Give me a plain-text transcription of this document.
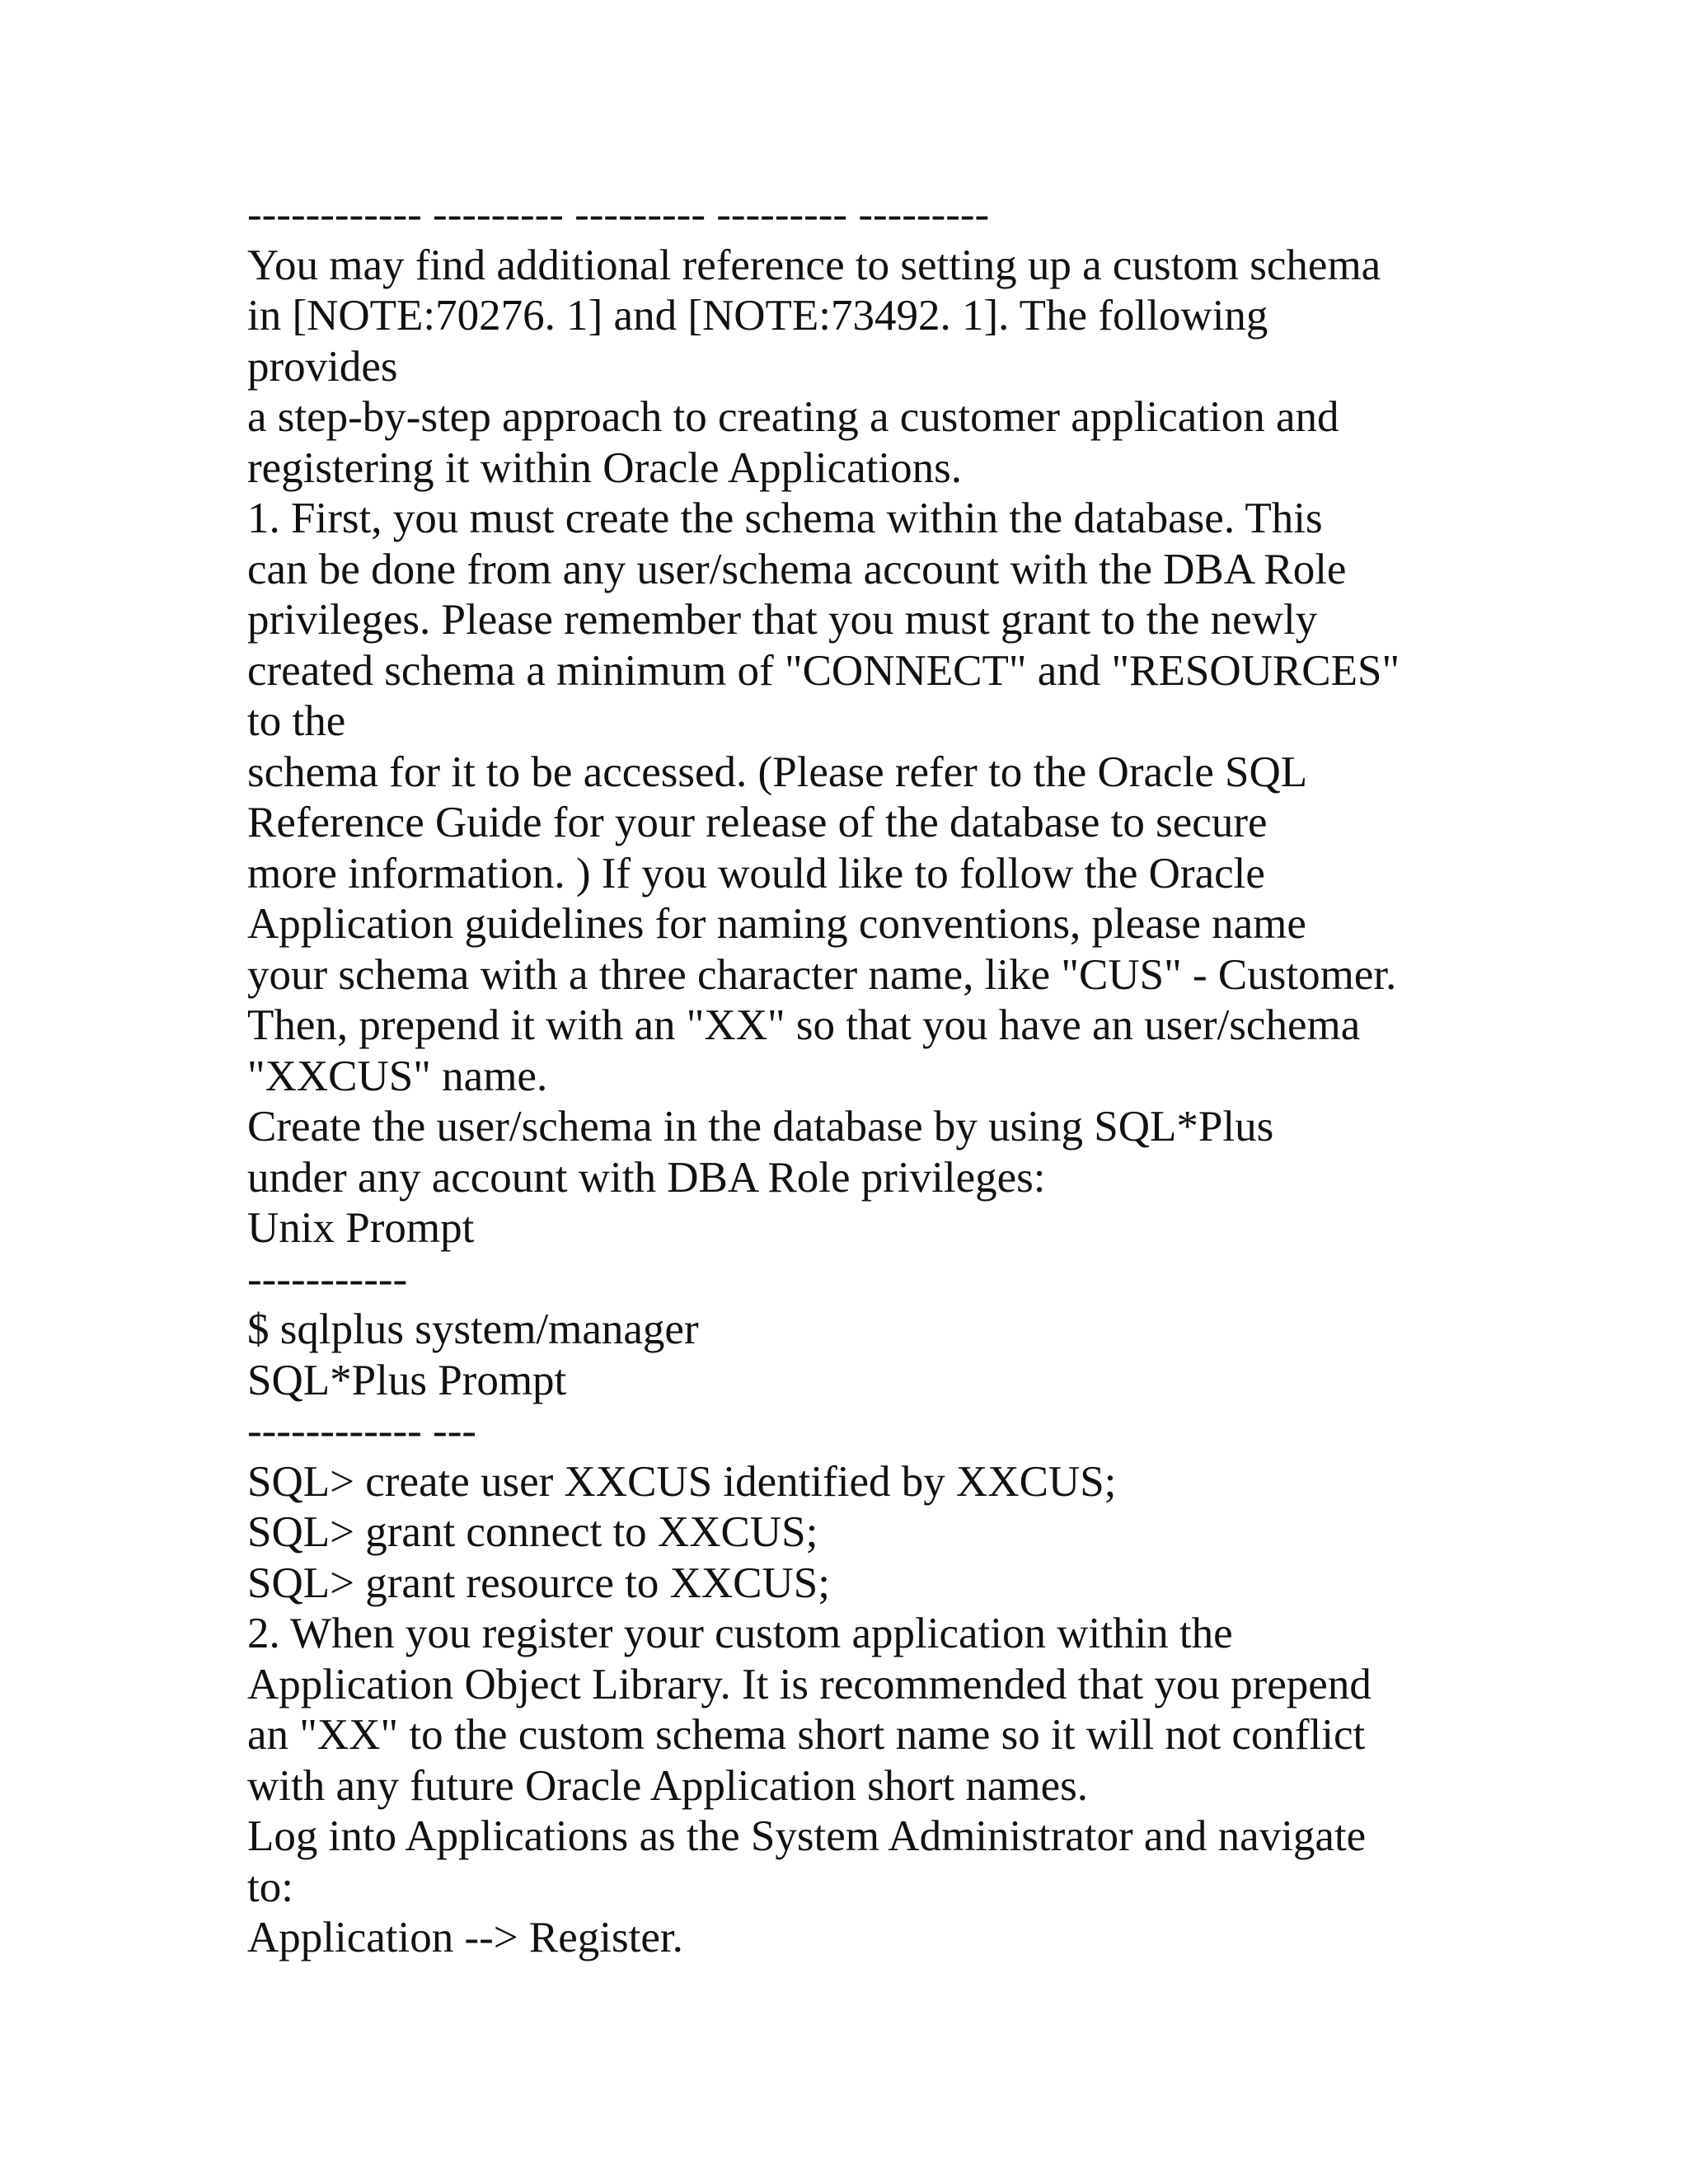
------------ --------- --------- --------- ---------
You may find additional reference to setting up a custom schema
in [NOTE:70276. 1] and [NOTE:73492. 1]. The following
provides
a step-by-step approach to creating a customer application and
registering it within Oracle Applications.
1. First, you must create the schema within the database. This
can be done from any user/schema account with the DBA Role
privileges. Please remember that you must grant to the newly
created schema a minimum of "CONNECT" and "RESOURCES"
to the
schema for it to be accessed. (Please refer to the Oracle SQL
Reference Guide for your release of the database to secure
more information. ) If you would like to follow the Oracle
Application guidelines for naming conventions, please name
your schema with a three character name, like "CUS" - Customer.
Then, prepend it with an "XX" so that you have an user/schema
"XXCUS" name.
Create the user/schema in the database by using SQL*Plus
under any account with DBA Role privileges:
Unix Prompt
-----------
$ sqlplus system/manager
SQL*Plus Prompt
------------ ---
SQL> create user XXCUS identified by XXCUS;
SQL> grant connect to XXCUS;
SQL> grant resource to XXCUS;
2. When you register your custom application within the
Application Object Library. It is recommended that you prepend
an "XX" to the custom schema short name so it will not conflict
with any future Oracle Application short names.
Log into Applications as the System Administrator and navigate
to:
Application --> Register.
